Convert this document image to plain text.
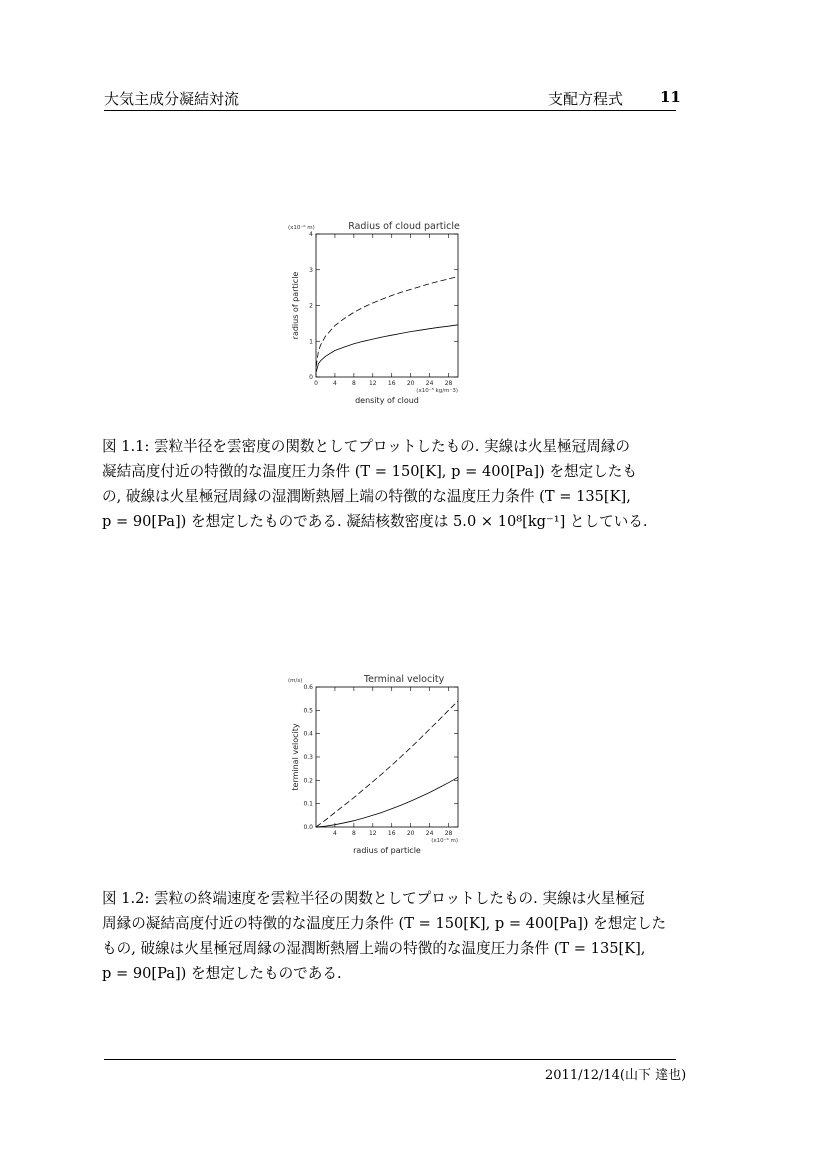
大気主成分凝結対流	支配方程式 11
Radius of cloud particle
(x10⁻⁶ m)
0	4	8 12 16 20 24 28
0
1
2
3
4
(x10⁻⁵ kg/m⁻3)
density of cloud
radius of particle

図 1.1: 雲粒半径を雲密度の関数としてプロットしたもの. 実線は火星極冠周縁の

凝結高度付近の特徴的な温度圧力条件 (T = 150[K], p = 400[Pa]) を想定したも

の, 破線は火星極冠周縁の湿潤断熱層上端の特徴的な温度圧力条件 (T = 135[K],

p = 90[Pa]) を想定したものである. 凝結核数密度は 5.0 × 10⁸[kg⁻¹] としている.

Terminal velocity
(m/s)
4	8 12 16 20 24 28
0.0
0.1
0.2
0.3
0.4
0.5
0.6
(x10⁻⁶ m)
radius of particle
terminal velocity

図 1.2: 雲粒の終端速度を雲粒半径の関数としてプロットしたもの. 実線は火星極冠

周縁の凝結高度付近の特徴的な温度圧力条件 (T = 150[K], p = 400[Pa]) を想定した

もの, 破線は火星極冠周縁の湿潤断熱層上端の特徴的な温度圧力条件 (T = 135[K],

p = 90[Pa]) を想定したものである.

2011/12/14(山下 達也)
